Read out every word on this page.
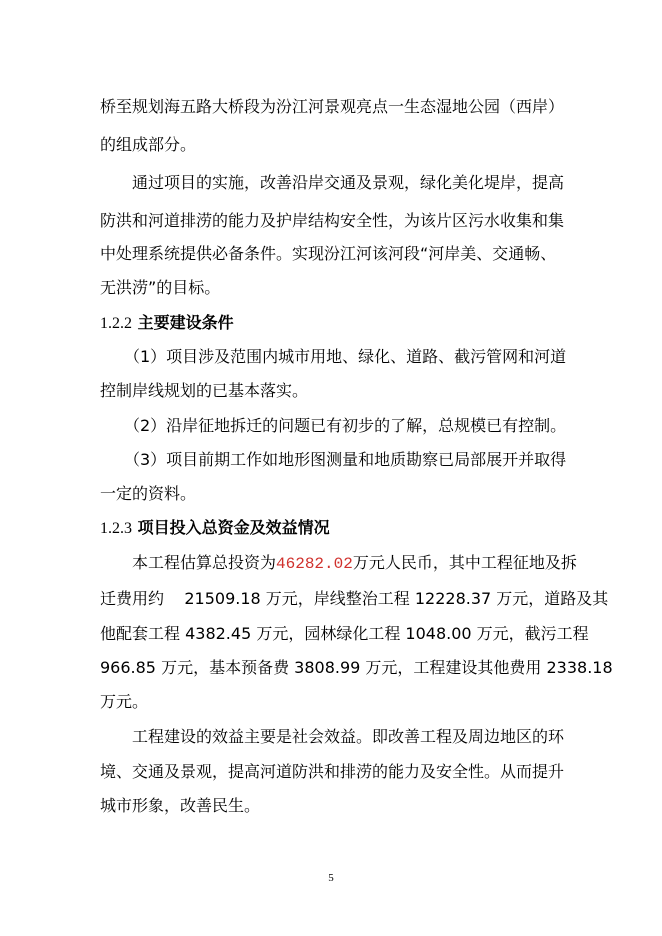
桥至规划海五路大桥段为汾江河景观亮点一生态湿地公园（西岸）
的组成部分。
通过项目的实施，改善沿岸交通及景观，绿化美化堤岸，提高
防洪和河道排涝的能力及护岸结构安全性，为该片区污水收集和集
中处理系统提供必备条件。实现汾江河该河段“河岸美、交通畅、
无洪涝”的目标。
1.2.2 主要建设条件
（1）项目涉及范围内城市用地、绿化、道路、截污管网和河道
控制岸线规划的已基本落实。
（2）沿岸征地拆迁的问题已有初步的了解，总规模已有控制。
（3）项目前期工作如地形图测量和地质勘察已局部展开并取得
一定的资料。
1.2.3 项目投入总资金及效益情况
本工程估算总投资为46282.02万元人民币，其中工程征地及拆
迁费用约    21509.18 万元，岸线整治工程 12228.37 万元，道路及其
他配套工程 4382.45 万元，园林绿化工程 1048.00 万元，截污工程
966.85 万元，基本预备费 3808.99 万元，工程建设其他费用 2338.18
万元。
工程建设的效益主要是社会效益。即改善工程及周边地区的环
境、交通及景观，提高河道防洪和排涝的能力及安全性。从而提升
城市形象，改善民生。
5
